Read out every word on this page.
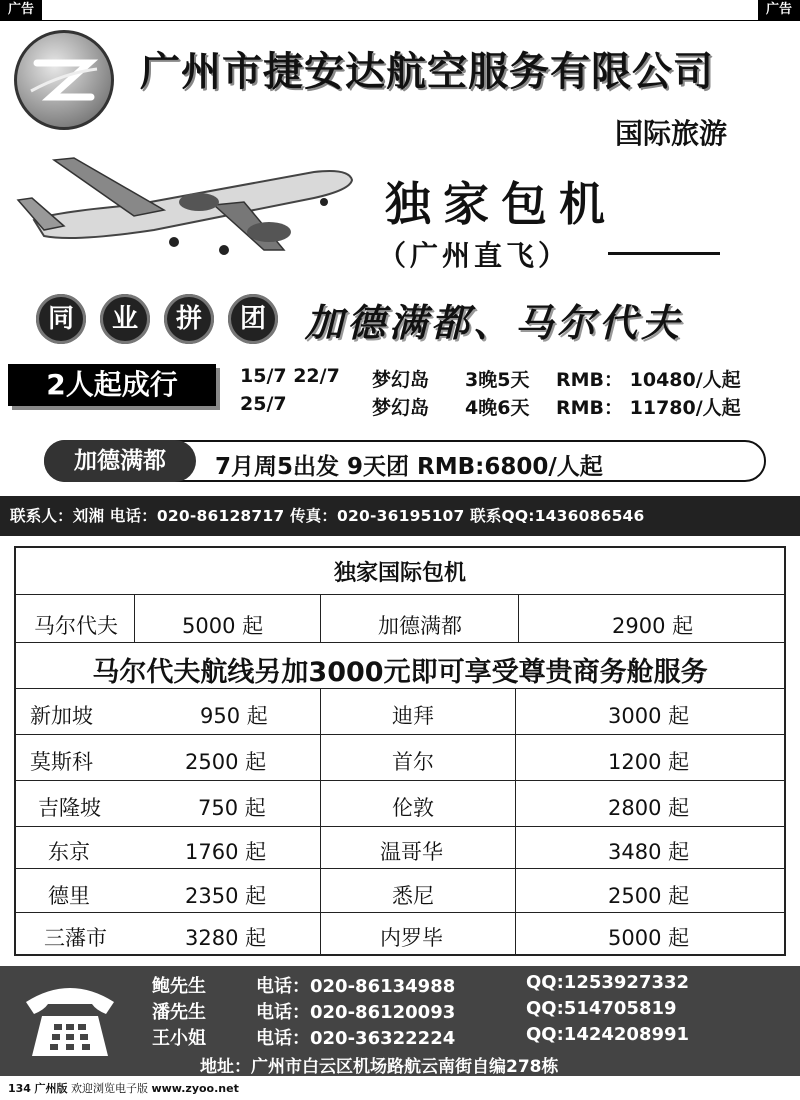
广告	广告
广州市捷安达航空服务有限公司
国际旅游
独家包机
（广州直飞）
同	业	拼	团	加德满都、马尔代夫
2人起成行	15/7 22/7 梦幻岛 3晚5天 RMB： 10480/人起
25/7	梦幻岛 4晚6天 RMB： 11780/人起
加德满都	7月周5出发 9天团 RMB:6800/人起
联系人：刘湘 电话：020-86128717 传真：020-36195107 联系QQ:1436086546
独家国际包机
马尔代夫	5000 起	加德满都	2900 起
马尔代夫航线另加3000元即可享受尊贵商务舱服务
新加坡	950 起	迪拜	3000 起
莫斯科	2500 起	首尔	1200 起
吉隆坡	750 起	伦敦	2800 起
东京	1760 起	温哥华	3480 起
德里	2350 起	悉尼	2500 起
三藩市	3280 起	内罗毕	5000 起
鲍先生	电话：020-86134988	QQ:1253927332
潘先生	电话：020-86120093	QQ:514705819
王小姐	电话：020-36322224	QQ:1424208991
地址：广州市白云区机场路航云南街自编278栋
134 广州版 欢迎浏览电子版 www.zyoo.net
